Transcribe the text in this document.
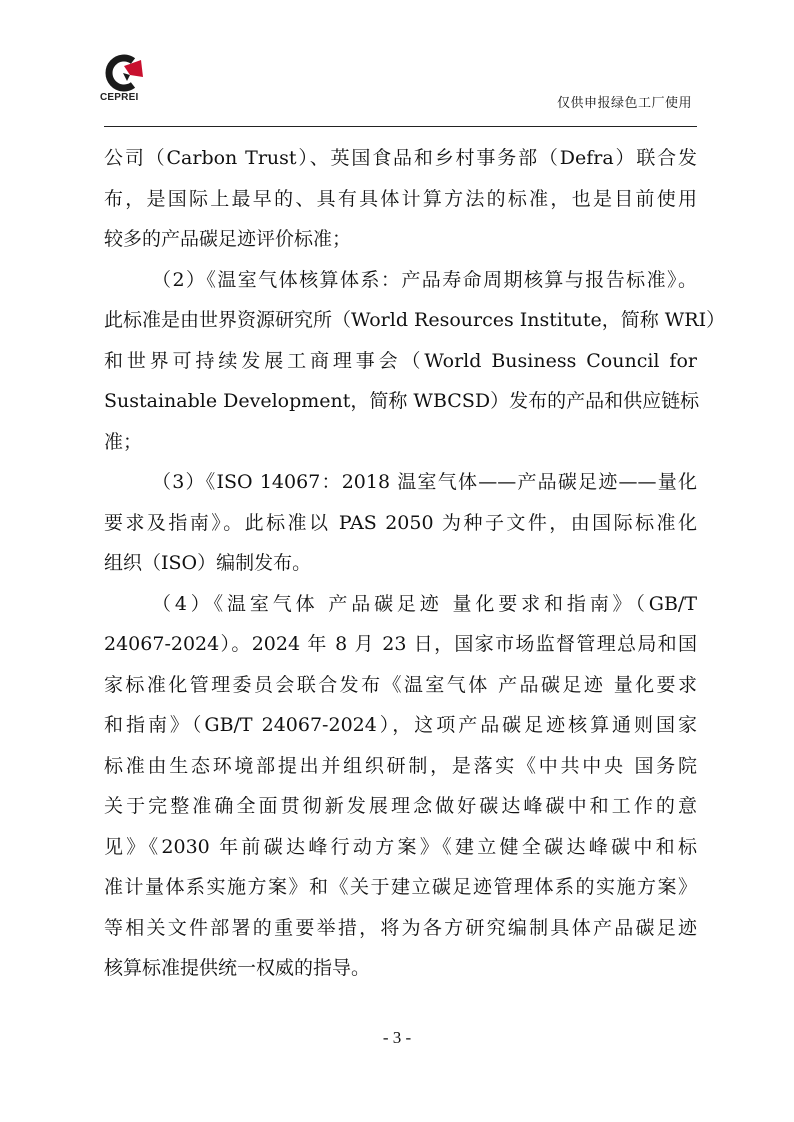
CEPREI	仅供申报绿色工厂使用
公司（Carbon Trust）、英国食品和乡村事务部（Defra）联合发
布，是国际上最早的、具有具体计算方法的标准，也是目前使用
较多的产品碳足迹评价标准；
（2）《温室气体核算体系：产品寿命周期核算与报告标准》。
此标准是由世界资源研究所（World Resources Institute，简称 WRI）
和世界可持续发展工商理事会（World Business Council for
Sustainable Development，简称 WBCSD）发布的产品和供应链标
准；
（3）《ISO 14067：2018 温室气体——产品碳足迹——量化
要求及指南》。此标准以 PAS 2050 为种子文件，由国际标准化
组织（ISO）编制发布。
（4）《温室气体 产品碳足迹 量化要求和指南》（GB/T
24067-2024）。2024 年 8 月 23 日，国家市场监督管理总局和国
家标准化管理委员会联合发布《温室气体 产品碳足迹 量化要求
和指南》（GB/T 24067-2024），这项产品碳足迹核算通则国家
标准由生态环境部提出并组织研制，是落实《中共中央 国务院
关于完整准确全面贯彻新发展理念做好碳达峰碳中和工作的意
见》《2030 年前碳达峰行动方案》《建立健全碳达峰碳中和标
准计量体系实施方案》和《关于建立碳足迹管理体系的实施方案》
等相关文件部署的重要举措，将为各方研究编制具体产品碳足迹
核算标准提供统一权威的指导。
- 3 -
